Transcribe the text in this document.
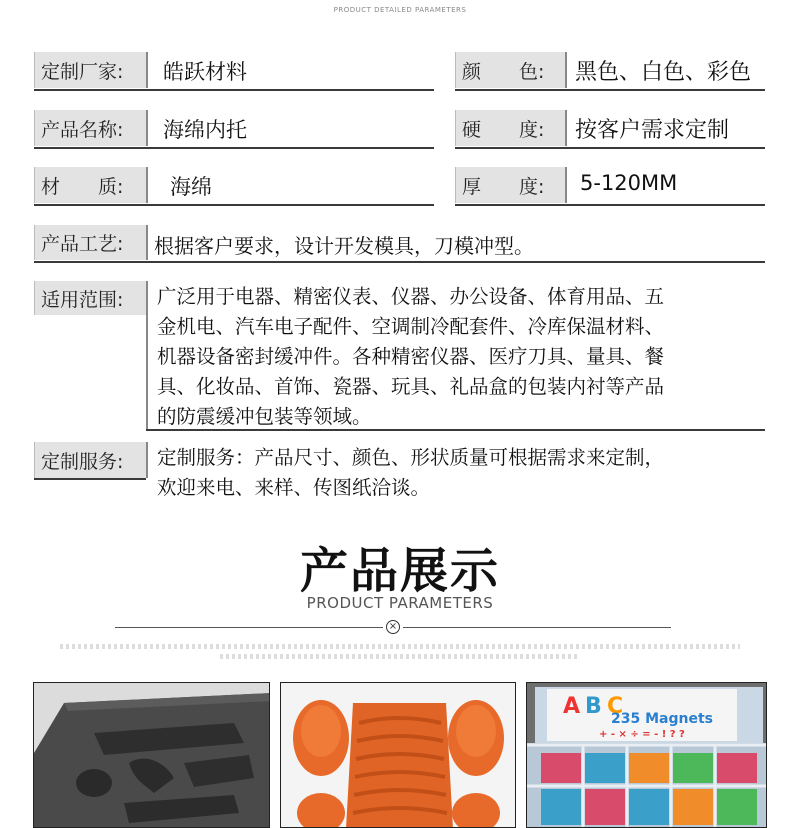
PRODUCT DETAILED PARAMETERS
定制厂家:	皓跃材料	颜　　色:	黑色、白色、彩色
产品名称:	海绵内托	硬　　度:	按客户需求定制
材　　质:	海绵	厚　　度:	5-120MM
产品工艺:	根据客户要求，设计开发模具，刀模冲型。
适用范围:	广泛用于电器、精密仪表、仪器、办公设备、体育用品、五
金机电、汽车电子配件、空调制冷配套件、冷库保温材料、
机器设备密封缓冲件。各种精密仪器、医疗刀具、量具、餐
具、化妆品、首饰、瓷器、玩具、礼品盒的包装内衬等产品
的防震缓冲包装等领域。
定制服务:	定制服务：产品尺寸、颜色、形状质量可根据需求来定制，
欢迎来电、来样、传图纸洽谈。
产品展示
PRODUCT PARAMETERS
×
A B C
235 Magnets
+ - × ÷ = - ! ? ?
